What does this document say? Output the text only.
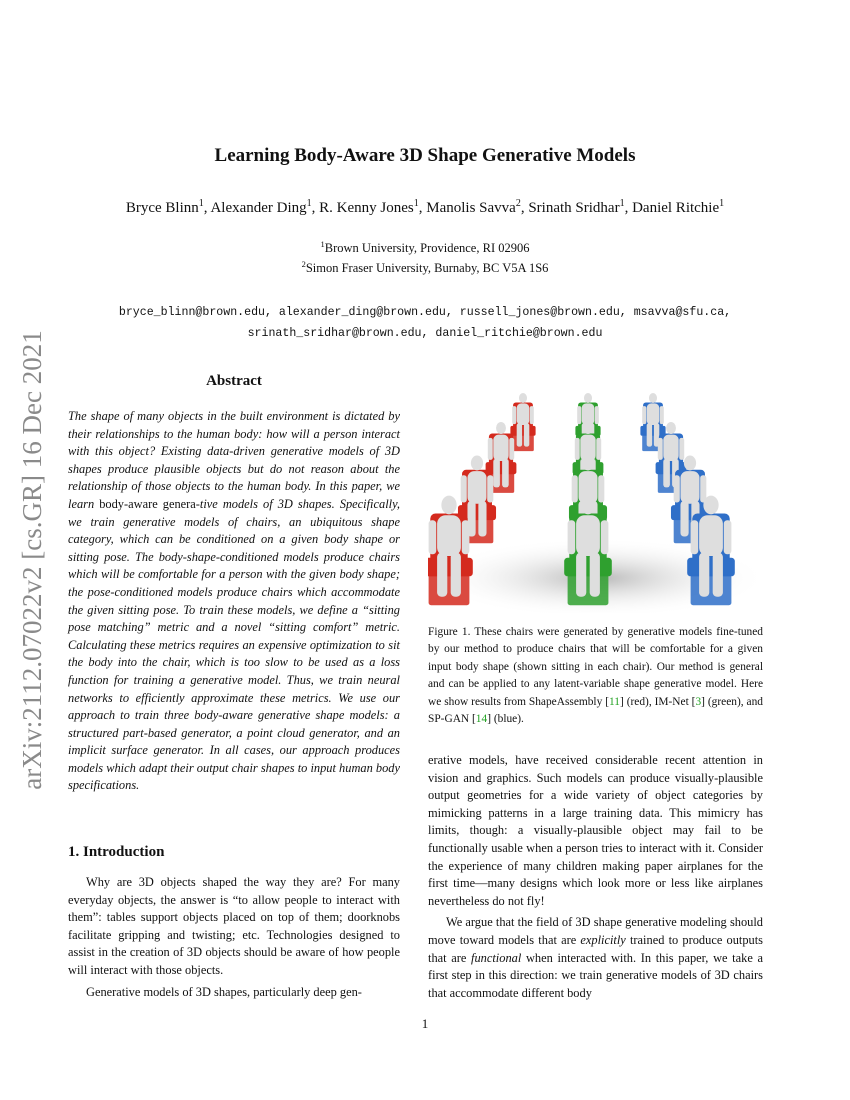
arXiv:2112.07022v2 [cs.GR] 16 Dec 2021
Learning Body-Aware 3D Shape Generative Models
Bryce Blinn$^1$, Alexander Ding$^1$, R. Kenny Jones$^1$, Manolis Savva$^2$, Srinath Sridhar$^1$, Daniel Ritchie$^1$
$^1$Brown University, Providence, RI 02906
$^2$Simon Fraser University, Burnaby, BC V5A 1S6
bryce_blinn@brown.edu, alexander_ding@brown.edu, russell_jones@brown.edu, msavva@sfu.ca,
srinath_sridhar@brown.edu, daniel_ritchie@brown.edu
Abstract
The shape of many objects in the built environment is dictated by their relationships to the human body: how will a person interact with this object? Existing data-driven generative models of 3D shapes produce plausible objects but do not reason about the relationship of those objects to the human body. In this paper, we learn body-aware genera-tive models of 3D shapes. Specifically, we train generative models of chairs, an ubiquitous shape category, which can be conditioned on a given body shape or sitting pose. The body-shape-conditioned models produce chairs which will be comfortable for a person with the given body shape; the pose-conditioned models produce chairs which accommodate the given sitting pose. To train these models, we define a “sitting pose matching” metric and a novel “sitting comfort” metric. Calculating these metrics requires an expensive optimization to sit the body into the chair, which is too slow to be used as a loss function for training a generative model. Thus, we train neural networks to efficiently approximate these metrics. We use our approach to train three body-aware generative shape models: a structured part-based generator, a point cloud generator, and an implicit surface generator. In all cases, our approach produces models which adapt their output chair shapes to input human body specifications.
1. Introduction

Why are 3D objects shaped the way they are? For many everyday objects, the answer is “to allow people to interact with them”: tables support objects placed on top of them; doorknobs facilitate gripping and twisting; etc. Technologies designed to assist in the creation of 3D objects should be aware of how people will interact with those objects.

Generative models of 3D shapes, particularly deep gen-

Figure 1. These chairs were generated by generative models fine-tuned by our method to produce chairs that will be comfortable for a given input body shape (shown sitting in each chair). Our method is general and can be applied to any latent-variable shape generative model. Here we show results from ShapeAssembly [11] (red), IM-Net [3] (green), and SP-GAN [14] (blue).

erative models, have received considerable recent attention in vision and graphics. Such models can produce visually-plausible output geometries for a wide variety of object categories by mimicking patterns in a large training data. This mimicry has limits, though: a visually-plausible object may fail to be functionally usable when a person tries to interact with it. Consider the experience of many children making paper airplanes for the first time—many designs which look more or less like airplanes nevertheless do not fly!

We argue that the field of 3D shape generative modeling should move toward models that are explicitly trained to produce outputs that are functional when interacted with. In this paper, we take a first step in this direction: we train generative models of 3D chairs that accommodate different body

1
